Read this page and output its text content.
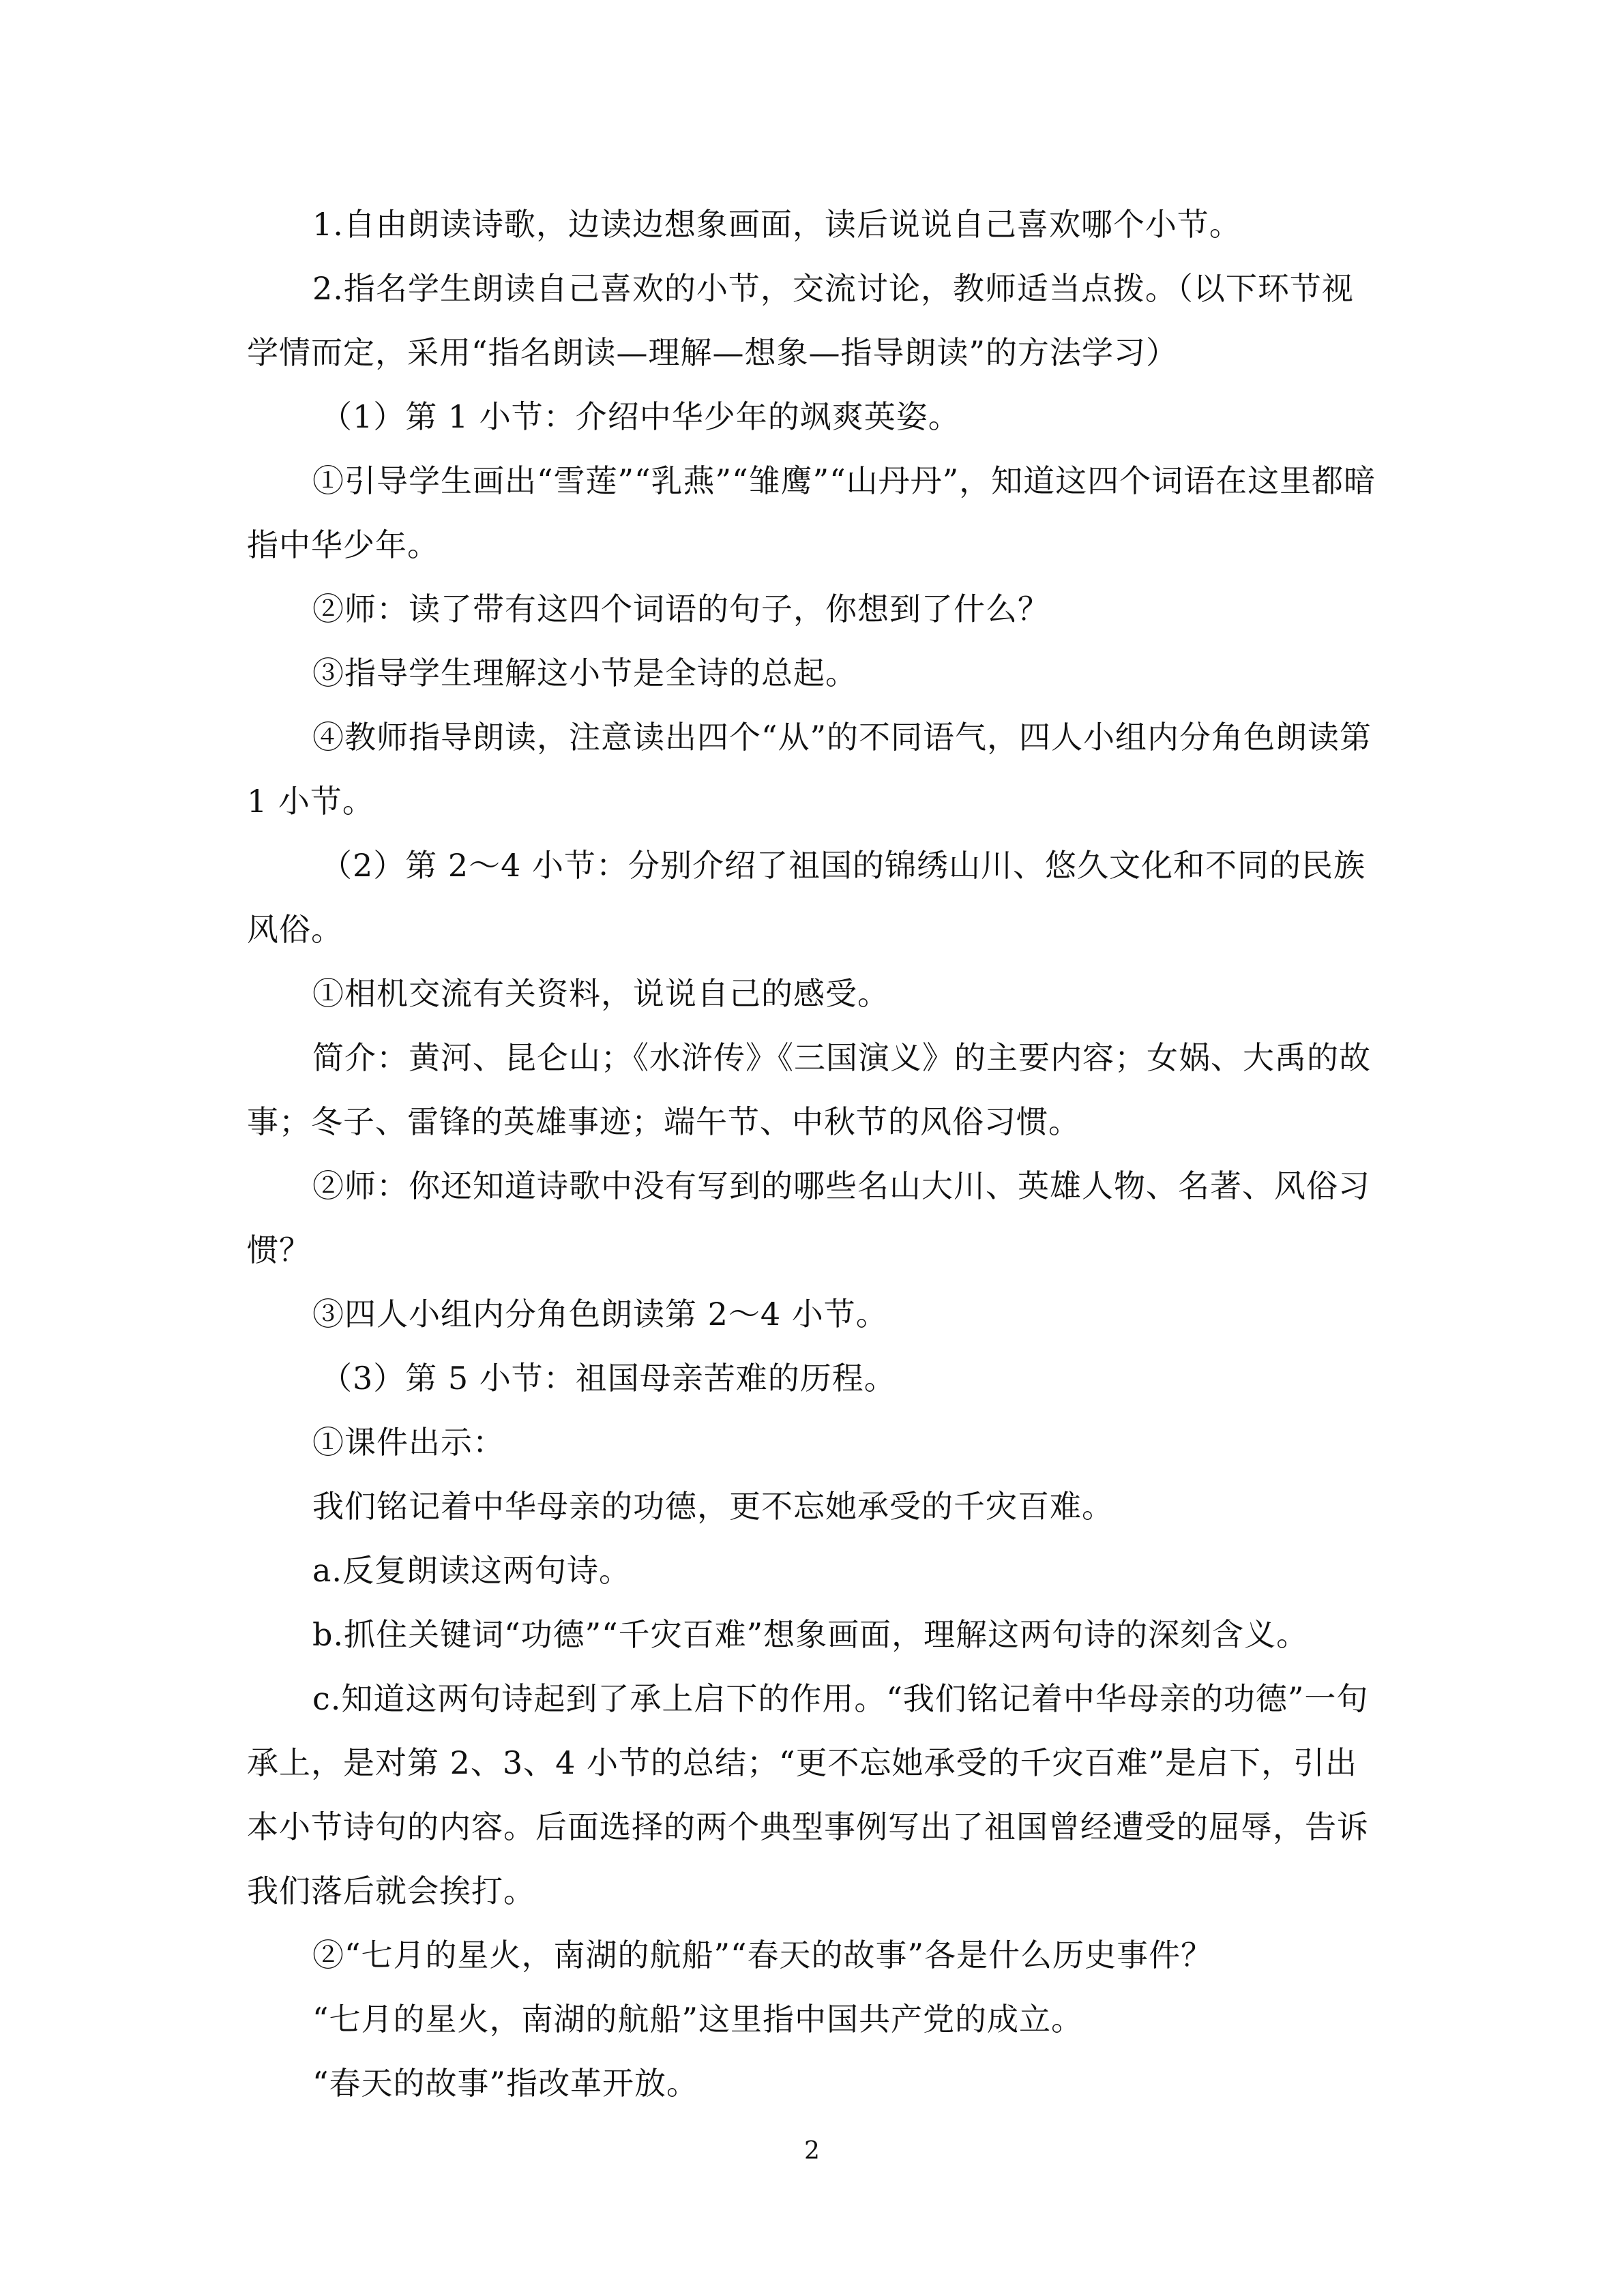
1.自由朗读诗歌，边读边想象画面，读后说说自己喜欢哪个小节。

2.指名学生朗读自己喜欢的小节，交流讨论，教师适当点拨。（以下环节视学情而定，采用“指名朗读—理解—想象—指导朗读”的方法学习）

（1）第 1 小节：介绍中华少年的飒爽英姿。

①引导学生画出“雪莲”“乳燕”“雏鹰”“山丹丹”，知道这四个词语在这里都暗指中华少年。

②师：读了带有这四个词语的句子，你想到了什么？

③指导学生理解这小节是全诗的总起。

④教师指导朗读，注意读出四个“从”的不同语气，四人小组内分角色朗读第 1 小节。

（2）第 2～4 小节：分别介绍了祖国的锦绣山川、悠久文化和不同的民族风俗。

①相机交流有关资料，说说自己的感受。

简介：黄河、昆仑山；《水浒传》《三国演义》的主要内容；女娲、大禹的故事；冬子、雷锋的英雄事迹；端午节、中秋节的风俗习惯。

②师：你还知道诗歌中没有写到的哪些名山大川、英雄人物、名著、风俗习惯？

③四人小组内分角色朗读第 2～4 小节。

（3）第 5 小节：祖国母亲苦难的历程。

①课件出示：

我们铭记着中华母亲的功德，更不忘她承受的千灾百难。

a.反复朗读这两句诗。

b.抓住关键词“功德”“千灾百难”想象画面，理解这两句诗的深刻含义。

c.知道这两句诗起到了承上启下的作用。“我们铭记着中华母亲的功德”一句承上，是对第 2、3、4 小节的总结；“更不忘她承受的千灾百难”是启下，引出本小节诗句的内容。后面选择的两个典型事例写出了祖国曾经遭受的屈辱，告诉我们落后就会挨打。

②“七月的星火，南湖的航船”“春天的故事”各是什么历史事件？

“七月的星火，南湖的航船”这里指中国共产党的成立。

“春天的故事”指改革开放。

2
